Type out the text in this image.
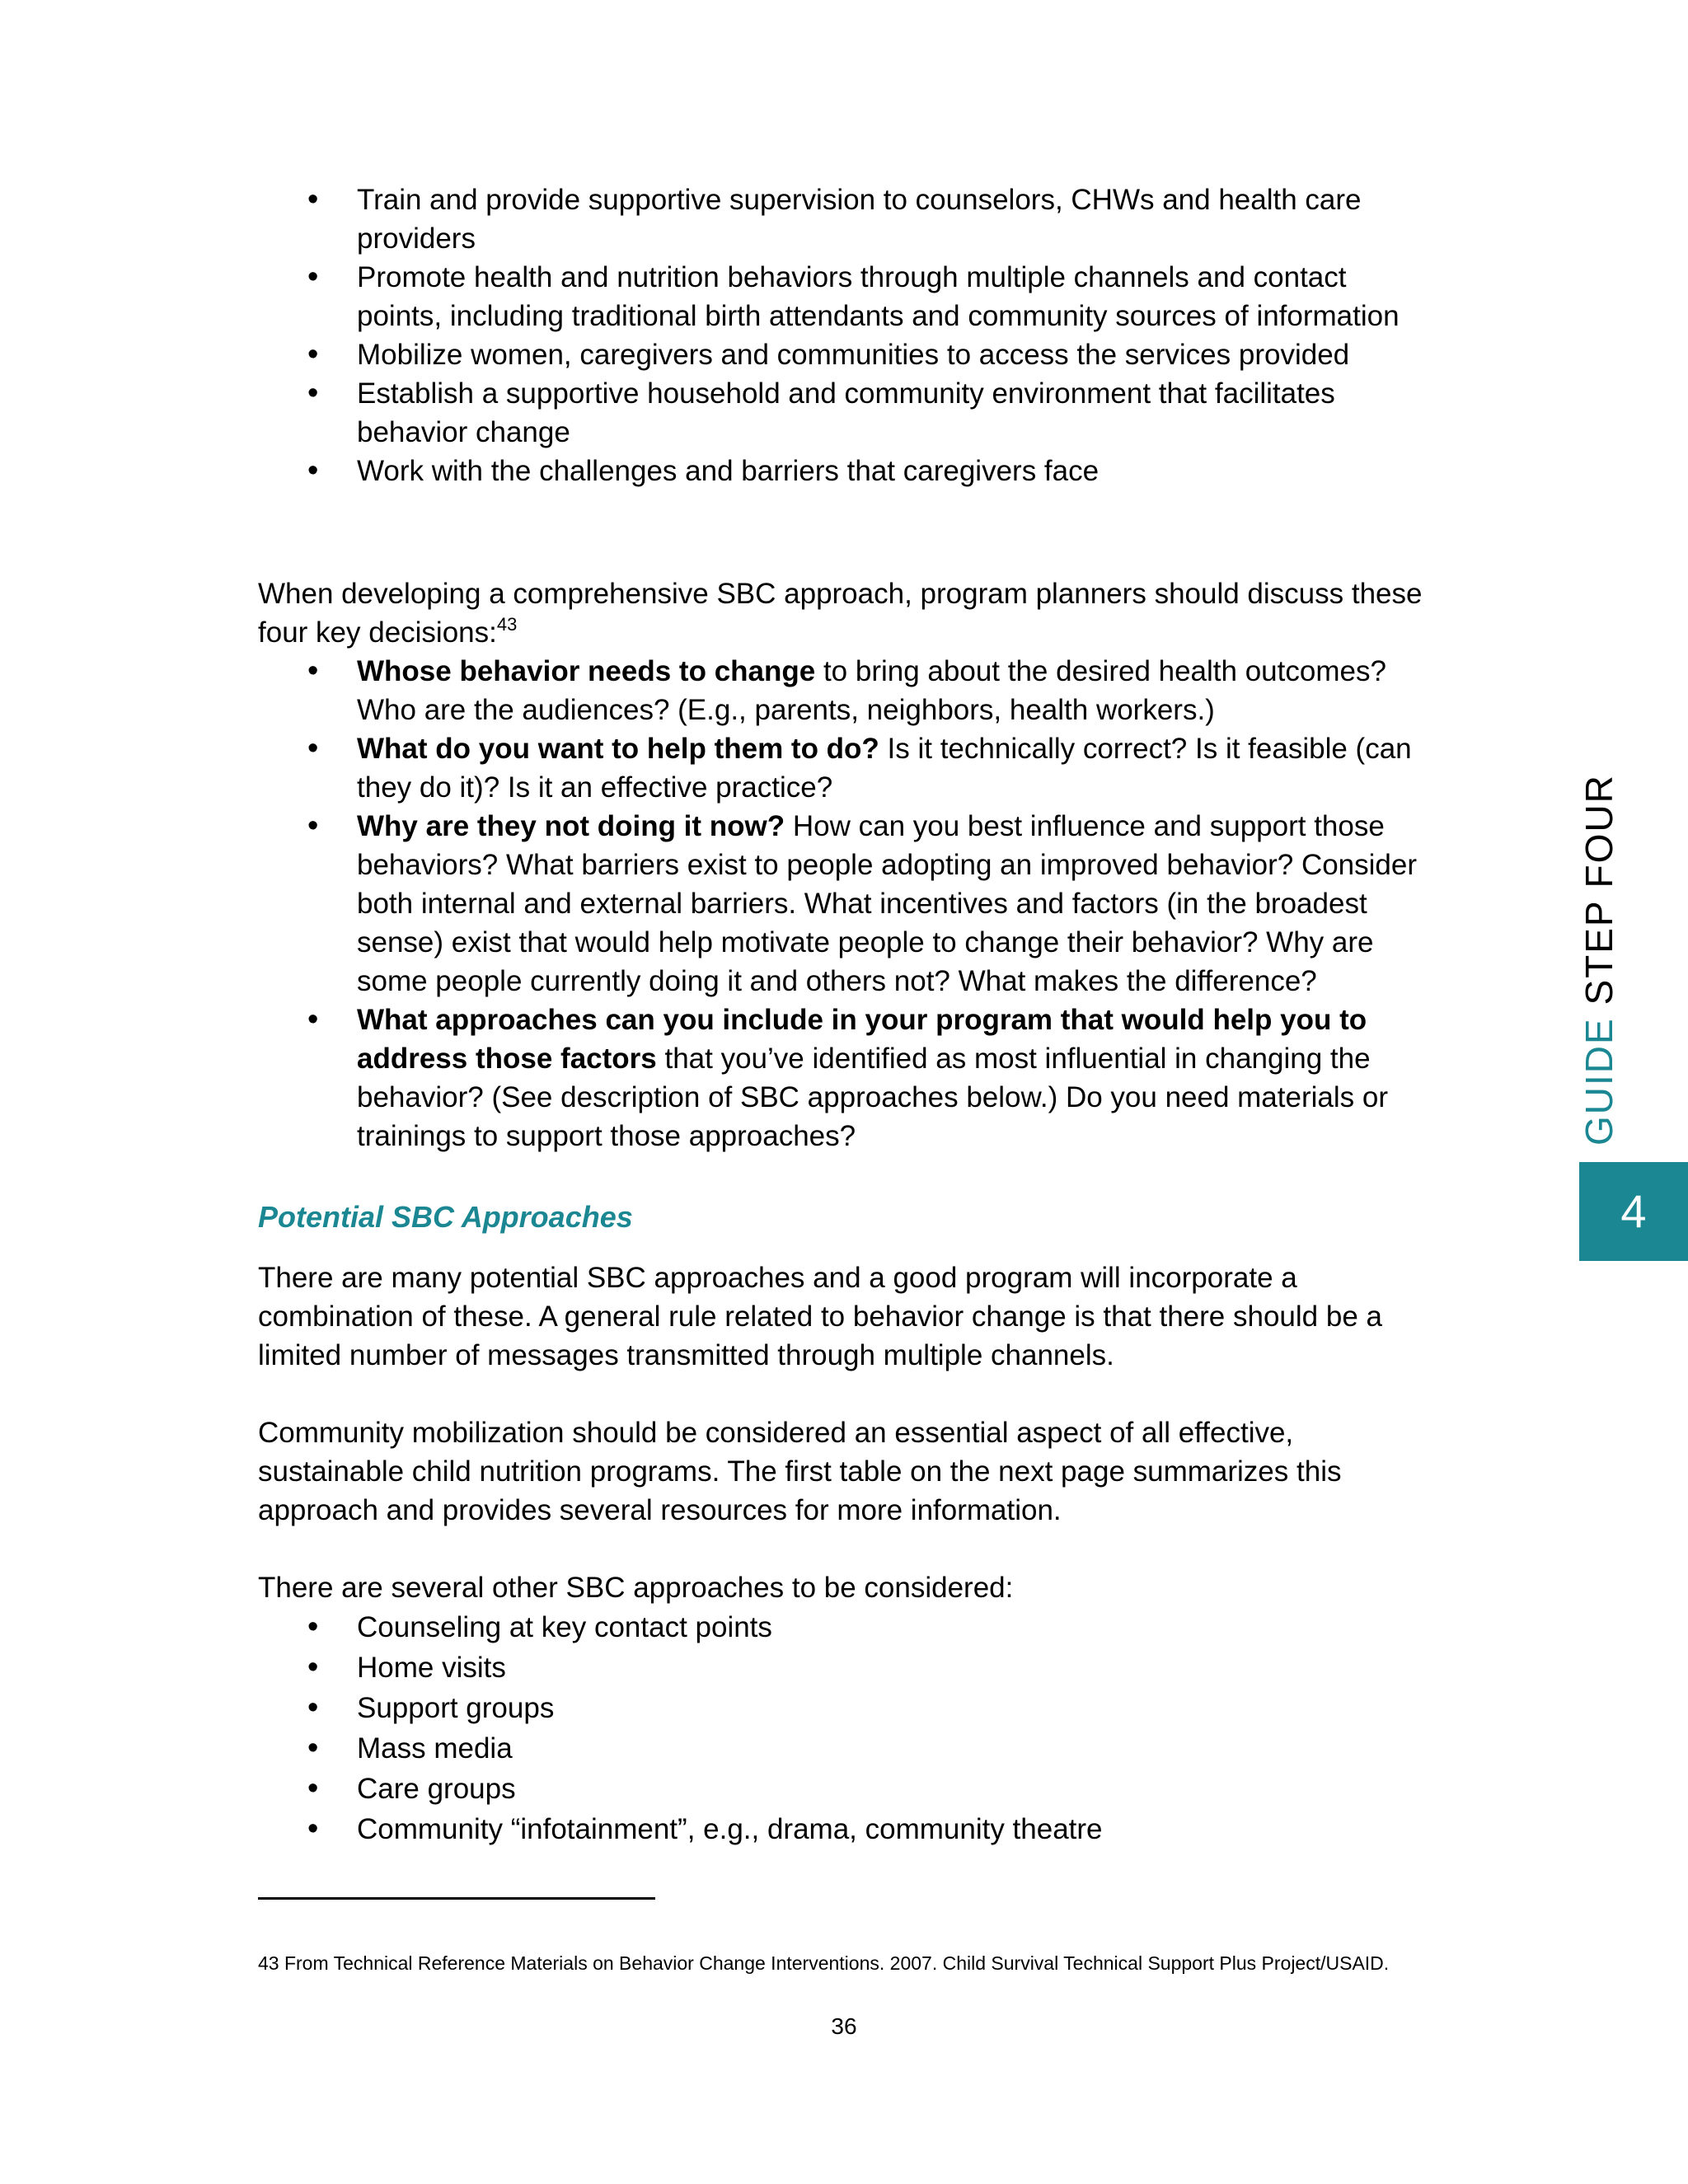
• Train and provide supportive supervision to counselors, CHWs and health care providers
• Promote health and nutrition behaviors through multiple channels and contact points, including traditional birth attendants and community sources of information
• Mobilize women, caregivers and communities to access the services provided
• Establish a supportive household and community environment that facilitates behavior change
• Work with the challenges and barriers that caregivers face

When developing a comprehensive SBC approach, program planners should discuss these four key decisions:$^{43}$

• Whose behavior needs to change to bring about the desired health outcomes? Who are the audiences? (E.g., parents, neighbors, health workers.)
• What do you want to help them to do? Is it technically correct? Is it feasible (can they do it)? Is it an effective practice?
• Why are they not doing it now? How can you best influence and support those behaviors? What barriers exist to people adopting an improved behavior? Consider both internal and external barriers. What incentives and factors (in the broadest sense) exist that would help motivate people to change their behavior? Why are some people currently doing it and others not? What makes the difference?
• What approaches can you include in your program that would help you to address those factors that you’ve identified as most influential in changing the behavior? (See description of SBC approaches below.) Do you need materials or trainings to support those approaches?
Potential SBC Approaches

There are many potential SBC approaches and a good program will incorporate a combination of these. A general rule related to behavior change is that there should be a limited number of messages transmitted through multiple channels.

Community mobilization should be considered an essential aspect of all effective, sustainable child nutrition programs. The first table on the next page summarizes this approach and provides several resources for more information.

There are several other SBC approaches to be considered:

• Counseling at key contact points
• Home visits
• Support groups
• Mass media
• Care groups
• Community “infotainment”, e.g., drama, community theatre
43 From Technical Reference Materials on Behavior Change Interventions. 2007. Child Survival Technical Support Plus Project/USAID.
36
GUIDE STEP FOUR
4
